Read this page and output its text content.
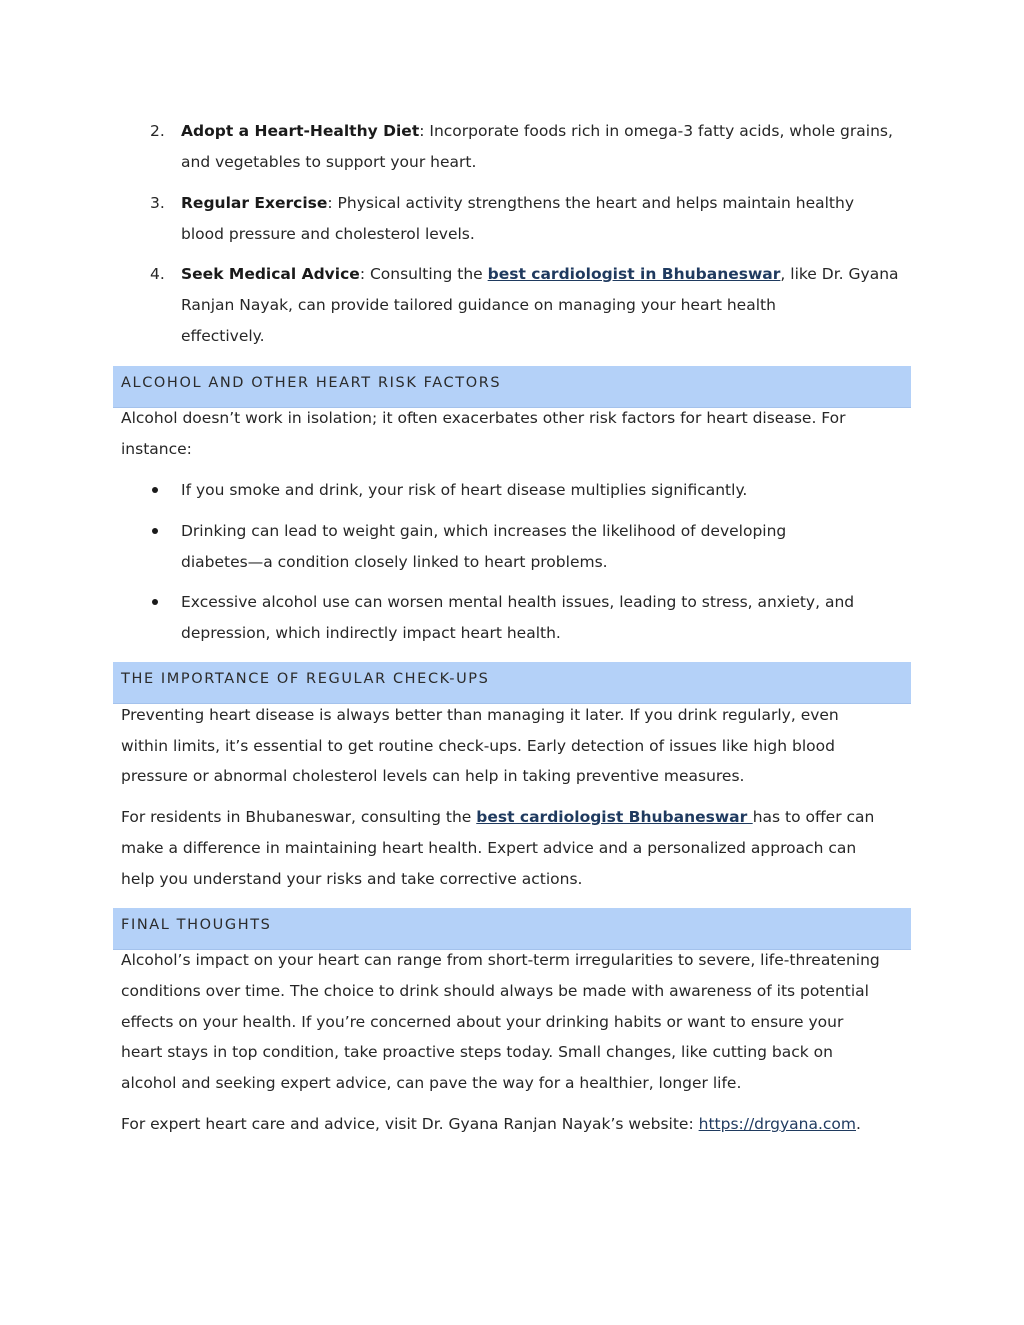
2.	Adopt a Heart-Healthy Diet: Incorporate foods rich in omega-3 fatty acids, whole grains,
and vegetables to support your heart.
3.	Regular Exercise: Physical activity strengthens the heart and helps maintain healthy
blood pressure and cholesterol levels.
4.	Seek Medical Advice: Consulting the best cardiologist in Bhubaneswar, like Dr. Gyana
Ranjan Nayak, can provide tailored guidance on managing your heart health
effectively.
ALCOHOL AND OTHER HEART RISK FACTORS
Alcohol doesn’t work in isolation; it often exacerbates other risk factors for heart disease. For
instance:
If you smoke and drink, your risk of heart disease multiplies significantly.
Drinking can lead to weight gain, which increases the likelihood of developing
diabetes—a condition closely linked to heart problems.
Excessive alcohol use can worsen mental health issues, leading to stress, anxiety, and
depression, which indirectly impact heart health.
THE IMPORTANCE OF REGULAR CHECK-UPS
Preventing heart disease is always better than managing it later. If you drink regularly, even
within limits, it’s essential to get routine check-ups. Early detection of issues like high blood
pressure or abnormal cholesterol levels can help in taking preventive measures.
For residents in Bhubaneswar, consulting the best cardiologist Bhubaneswar has to offer can
make a difference in maintaining heart health. Expert advice and a personalized approach can
help you understand your risks and take corrective actions.
FINAL THOUGHTS
Alcohol’s impact on your heart can range from short-term irregularities to severe, life-threatening
conditions over time. The choice to drink should always be made with awareness of its potential
effects on your health. If you’re concerned about your drinking habits or want to ensure your
heart stays in top condition, take proactive steps today. Small changes, like cutting back on
alcohol and seeking expert advice, can pave the way for a healthier, longer life.
For expert heart care and advice, visit Dr. Gyana Ranjan Nayak’s website: https://drgyana.com.
